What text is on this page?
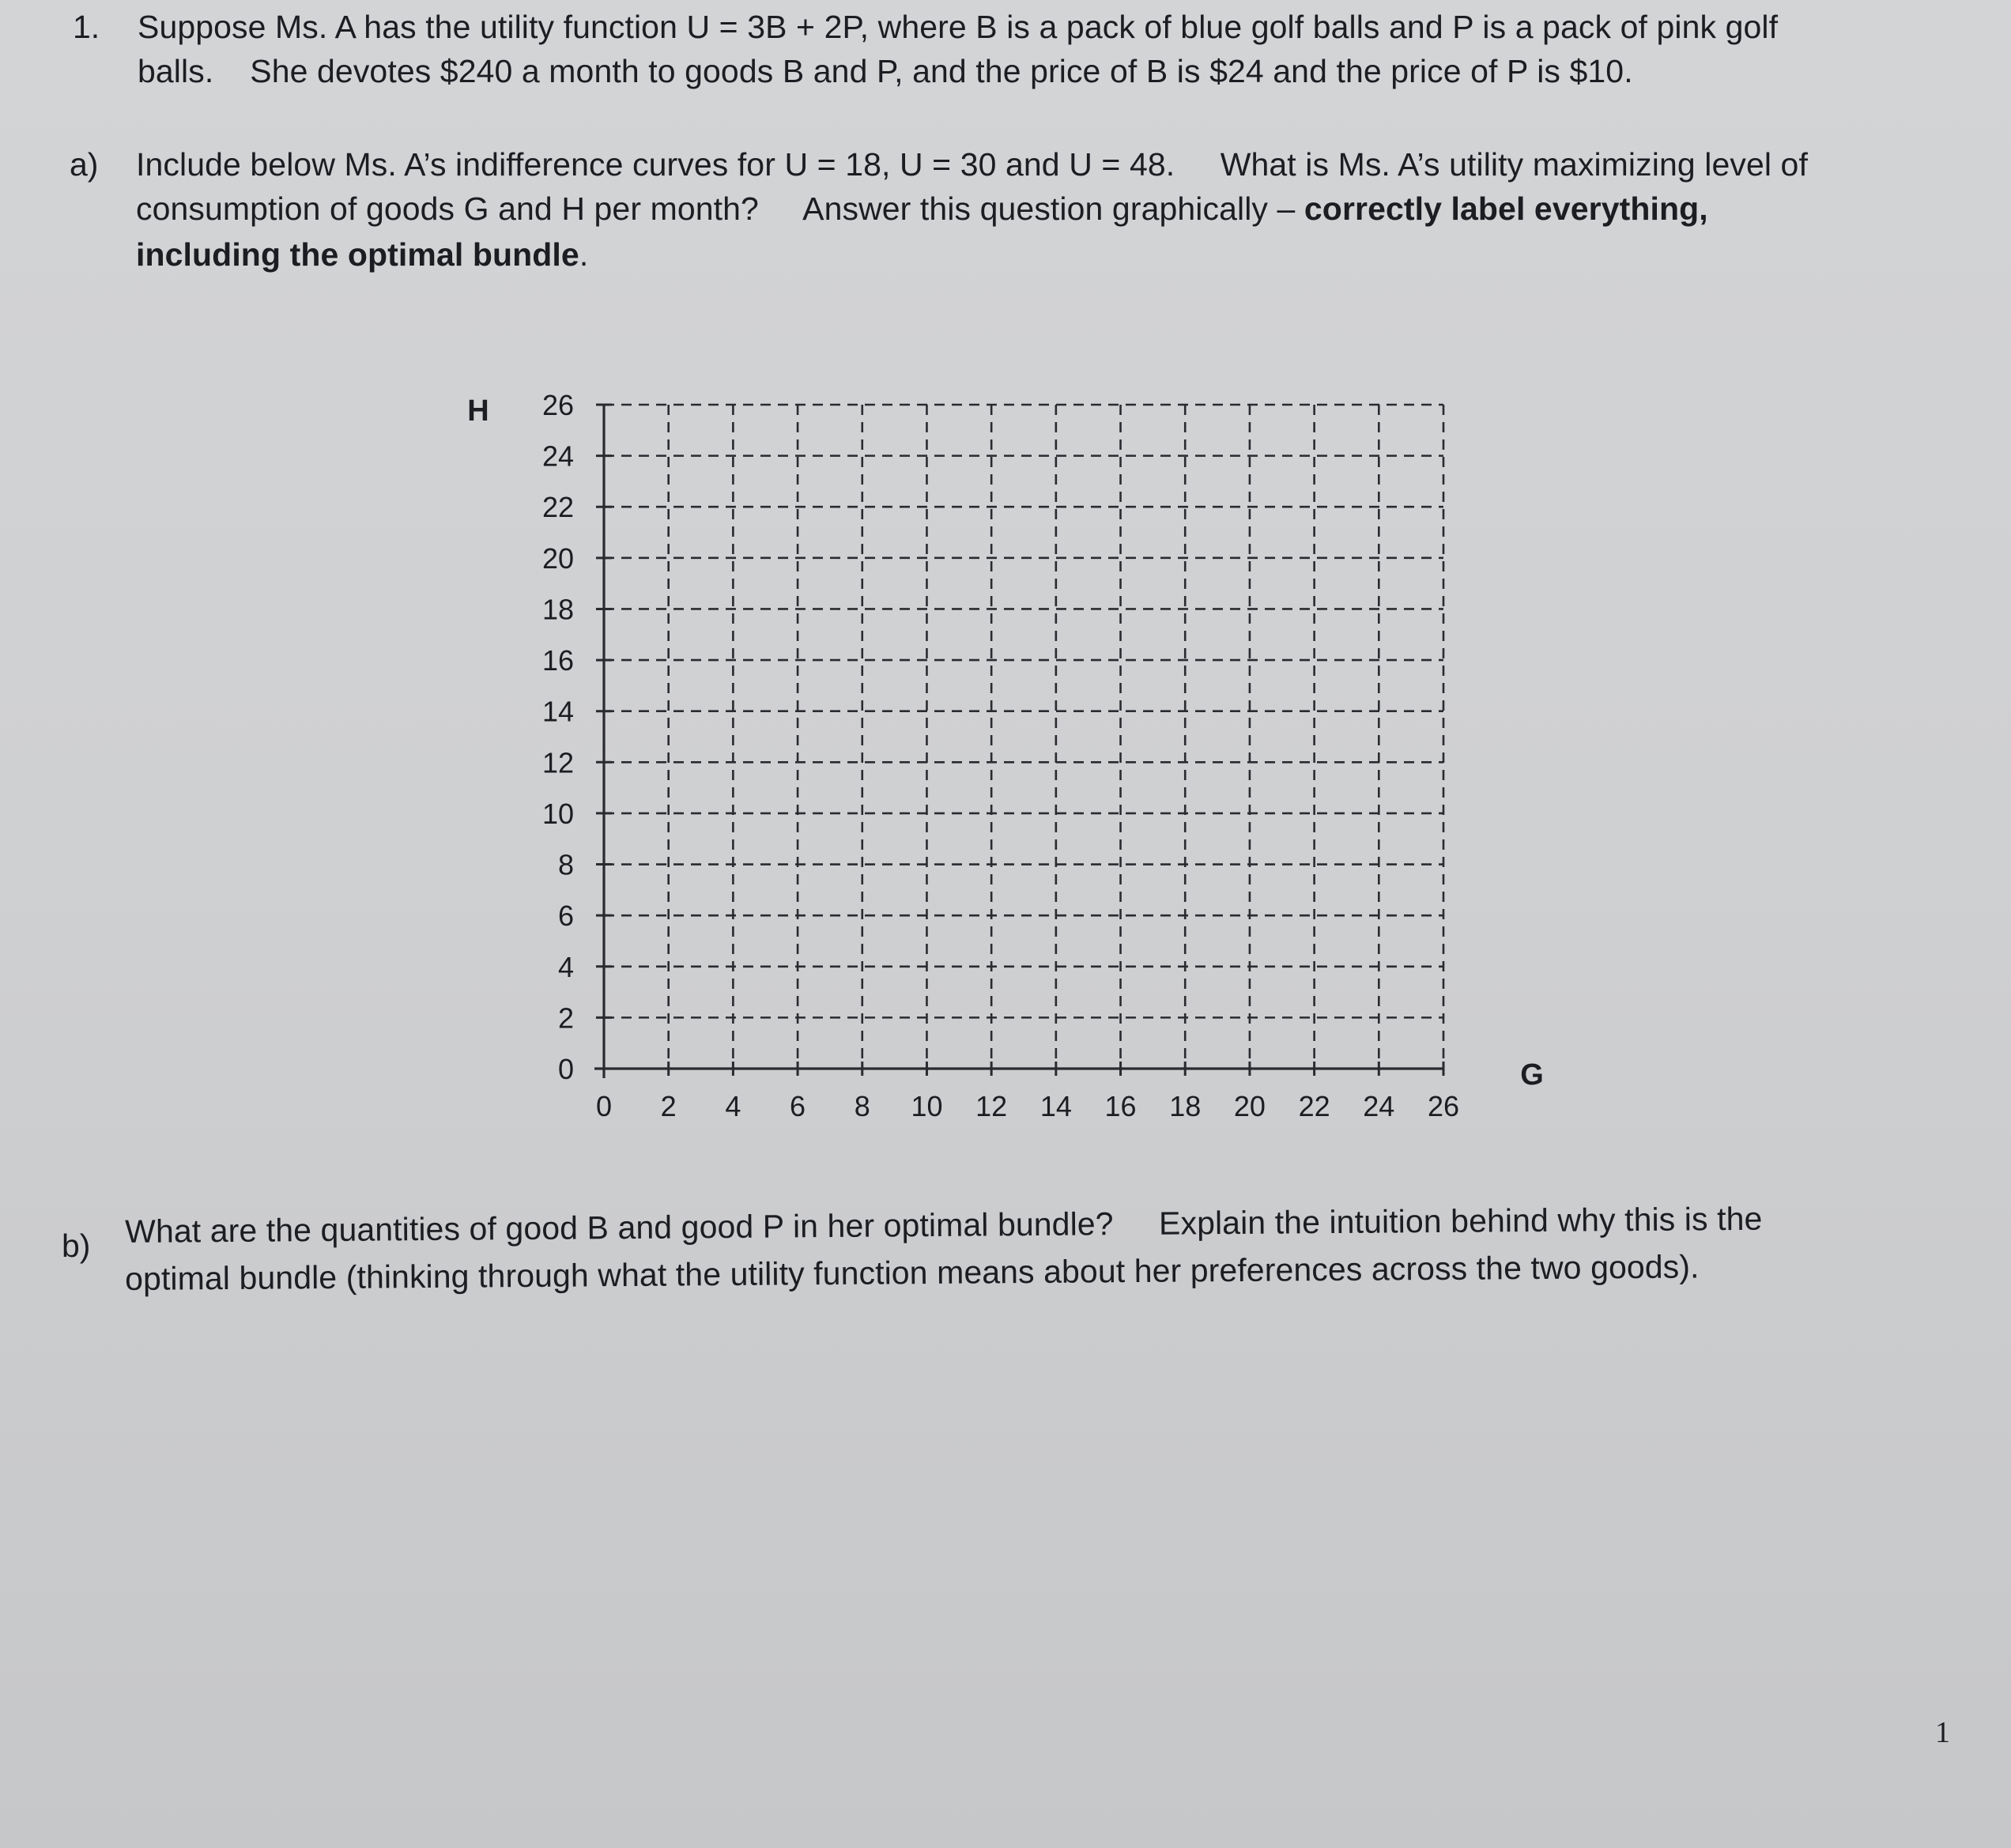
1. Suppose Ms. A has the utility function U = 3B + 2P, where B is a pack of blue golf balls and P is a pack of pink golf
balls.    She devotes $240 a month to goods B and P, and the price of B is $24 and the price of P is $10.
a) Include below Ms. A’s indifference curves for U = 18, U = 30 and U = 48.     What is Ms. A’s utility maximizing level of
consumption of goods G and H per month?     Answer this question graphically – correctly label everything,
including the optimal bundle.
0
2
4
6
8
10
12
14
16
18
20
22
24
26
0 2 4 6 8 10 12 14 16 18 20 22 24 26
H
G
b) What are the quantities of good B and good P in her optimal bundle?     Explain the intuition behind why this is the
optimal bundle (thinking through what the utility function means about her preferences across the two goods).
1
